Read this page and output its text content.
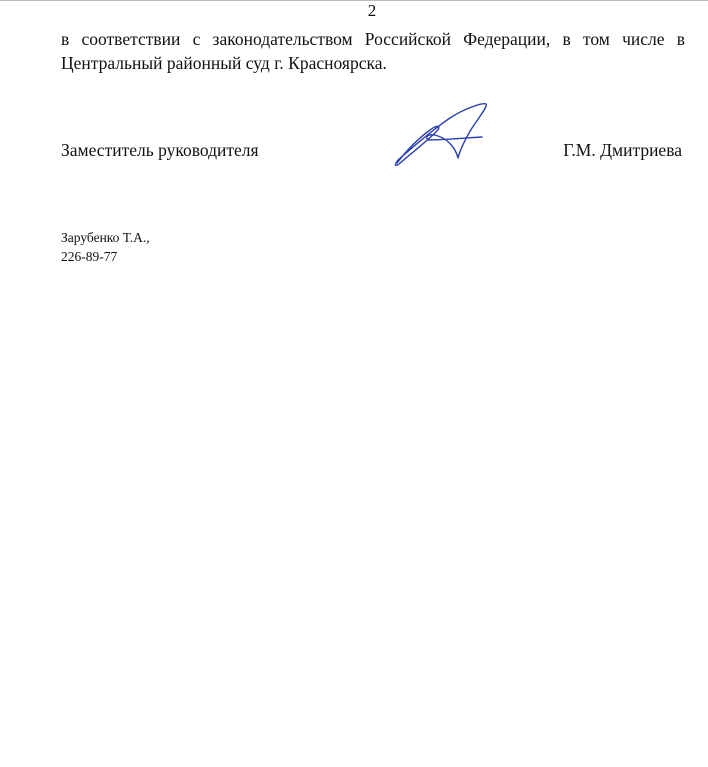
2

в соответствии с законодательством Российской Федерации, в том числе в
Центральный районный суд г. Красноярска.

Заместитель руководителя	Г.М. Дмитриева
Зарубенко Т.А.,
226-89-77
